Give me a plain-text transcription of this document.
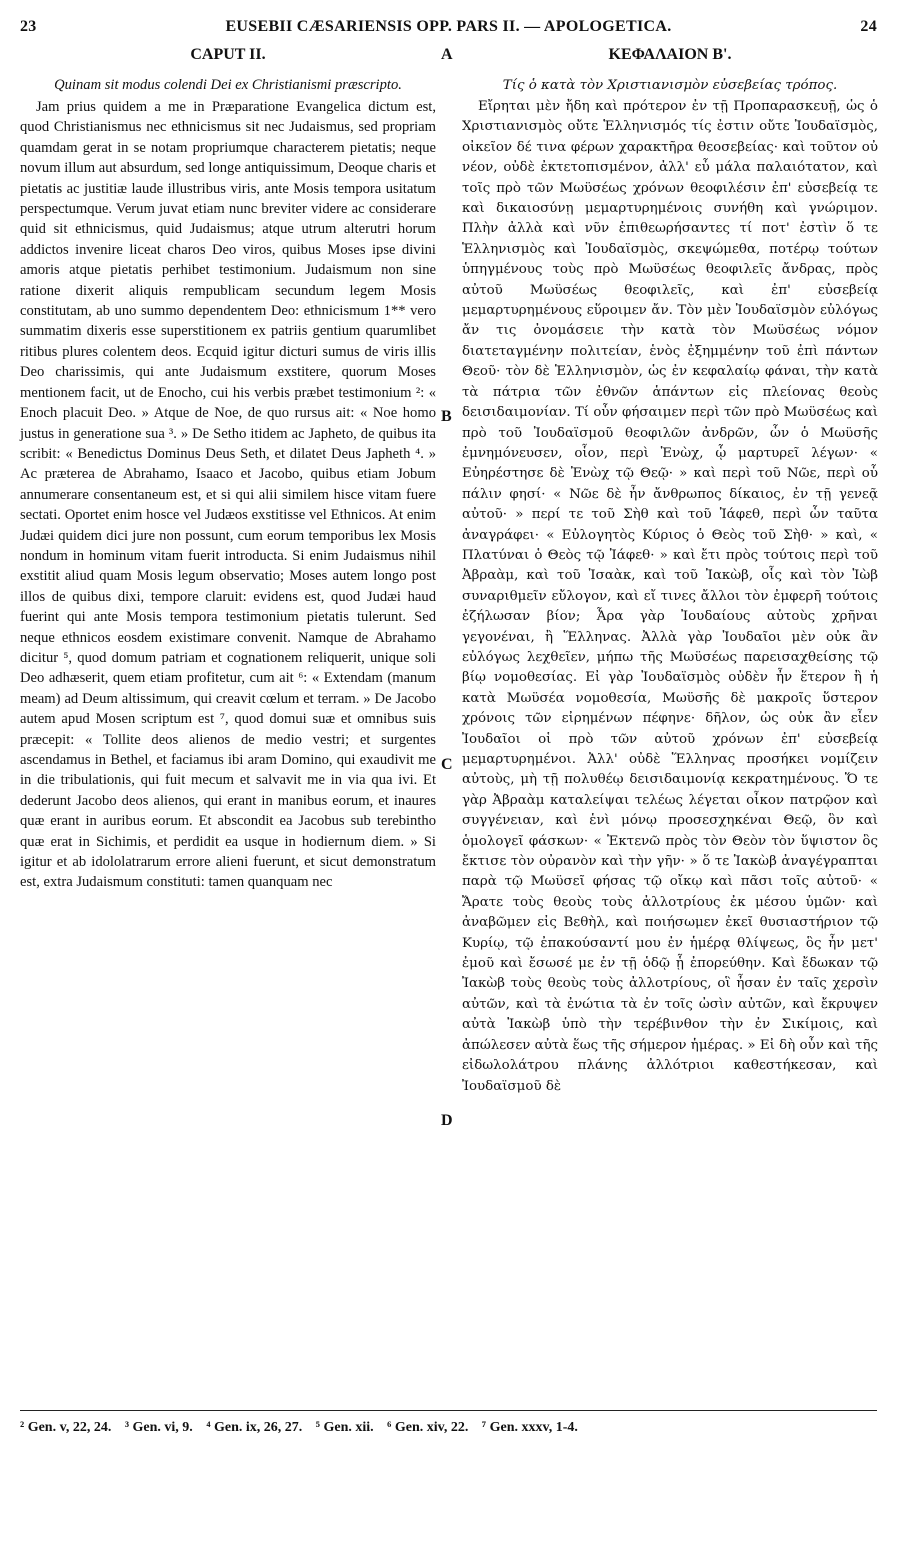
23	EUSEBII CÆSARIENSIS OPP. PARS II. — APOLOGETICA.	24
CAPUT II.	ΚΕΦΑΛΑΙΟΝ Β'.
A
B
C
D

Quinam sit modus colendi Dei ex Christianismi præscripto.

Jam prius quidem a me in Præparatione Evangelica dictum est, quod Christianismus nec ethnicismus sit nec Judaismus, sed propriam quamdam gerat in se notam propriumque characterem pietatis; neque novum illum aut absurdum, sed longe antiquissimum, Deoque charis et pietatis ac justitiæ laude illustribus viris, ante Mosis tempora usitatum perspectumque. Verum juvat etiam nunc breviter videre ac considerare quid sit ethnicismus, quid Judaismus; atque utrum alterutri horum addictos invenire liceat charos Deo viros, quibus Moses ipse divini amoris atque pietatis perhibet testimonium. Judaismum non sine ratione dixerit aliquis rempublicam secundum legem Mosis constitutam, ab uno summo dependentem Deo: ethnicismum 1** vero summatim dixeris esse superstitionem ex patriis gentium quarumlibet ritibus plures colentem deos. Ecquid igitur dicturi sumus de viris illis Deo charissimis, qui ante Judaismum exstitere, quorum Moses mentionem facit, ut de Enocho, cui his verbis præbet testimonium ²: « Enoch placuit Deo. » Atque de Noe, de quo rursus ait: « Noe homo justus in generatione sua ³. » De Setho itidem ac Japheto, de quibus ita scribit: « Benedictus Dominus Deus Seth, et dilatet Deus Japheth ⁴. » Ac præterea de Abrahamo, Isaaco et Jacobo, quibus etiam Jobum annumerare consentaneum est, et si qui alii similem hisce vitam fuere sectati. Oportet enim hosce vel Judæos exstitisse vel Ethnicos. At enim Judæi quidem dici jure non possunt, cum eorum temporibus lex Mosis nondum in hominum vitam fuerit introducta. Si enim Judaismus nihil exstitit aliud quam Mosis legum observatio; Moses autem longo post illos de quibus dixi, tempore claruit: evidens est, quod Judæi haud fuerint qui ante Mosis tempora testimonium pietatis tulerunt. Sed neque ethnicos eosdem existimare convenit. Namque de Abrahamo dicitur ⁵, quod domum patriam et cognationem reliquerit, unique soli Deo adhæserit, quem etiam profitetur, cum ait ⁶: « Extendam (manum meam) ad Deum altissimum, qui creavit cœlum et terram. » De Jacobo autem apud Mosen scriptum est ⁷, quod domui suæ et omnibus suis præcepit: « Tollite deos alienos de medio vestri; et surgentes ascendamus in Bethel, et faciamus ibi aram Domino, qui exaudivit me in die tribulationis, qui fuit mecum et salvavit me in via qua ivi. Et dederunt Jacobo deos alienos, qui erant in manibus eorum, et inaures quæ erant in auribus eorum. Et abscondit ea Jacobus sub terebintho quæ erat in Sichimis, et perdidit ea usque in hodiernum diem. » Si igitur et ab idololatrarum errore alieni fuerunt, et sicut demonstratum est, extra Judaismum constituti: tamen quanquam nec

Τίς ὁ κατὰ τὸν Χριστιανισμὸν εὐσεβείας τρόπος.

Εἴρηται μὲν ἤδη καὶ πρότερον ἐν τῇ Προπαρασκευῇ, ὡς ὁ Χριστιανισμὸς οὔτε Ἑλληνισμός τίς ἐστιν οὔτε Ἰουδαϊσμὸς, οἰκεῖον δέ τινα φέρων χαρακτῆρα θεοσεβείας· καὶ τοῦτον οὐ νέον, οὐδὲ ἐκτετοπισμένον, ἀλλ' εὖ μάλα παλαιότατον, καὶ τοῖς πρὸ τῶν Μωϋσέως χρόνων θεοφιλέσιν ἐπ' εὐσεβείᾳ τε καὶ δικαιοσύνῃ μεμαρτυρημένοις συνήθη καὶ γνώριμον. Πλὴν ἀλλὰ καὶ νῦν ἐπιθεωρήσαντες τί ποτ' ἐστὶν ὅ τε Ἑλληνισμὸς καὶ Ἰουδαϊσμὸς, σκεψώμεθα, ποτέρῳ τούτων ὑπηγμένους τοὺς πρὸ Μωϋσέως θεοφιλεῖς ἄνδρας, πρὸς αὐτοῦ Μωϋσέως θεοφιλεῖς, καὶ ἐπ' εὐσεβείᾳ μεμαρτυρημένους εὕροιμεν ἄν. Τὸν μὲν Ἰουδαϊσμὸν εὐλόγως ἄν τις ὀνομάσειε τὴν κατὰ τὸν Μωϋσέως νόμον διατεταγμένην πολιτείαν, ἑνὸς ἐξημμένην τοῦ ἐπὶ πάντων Θεοῦ· τὸν δὲ Ἑλληνισμὸν, ὡς ἐν κεφαλαίῳ φάναι, τὴν κατὰ τὰ πάτρια τῶν ἐθνῶν ἁπάντων εἰς πλείονας θεοὺς δεισιδαιμονίαν. Τί οὖν φήσαιμεν περὶ τῶν πρὸ Μωϋσέως καὶ πρὸ τοῦ Ἰουδαϊσμοῦ θεοφιλῶν ἀνδρῶν, ὧν ὁ Μωϋσῆς ἐμνημόνευσεν, οἷον, περὶ Ἐνὼχ, ᾧ μαρτυρεῖ λέγων· « Εὐηρέστησε δὲ Ἐνὼχ τῷ Θεῷ· » καὶ περὶ τοῦ Νῶε, περὶ οὗ πάλιν φησί· « Νῶε δὲ ἦν ἄνθρωπος δίκαιος, ἐν τῇ γενεᾷ αὐτοῦ· » περί τε τοῦ Σὴθ καὶ τοῦ Ἰάφεθ, περὶ ὧν ταῦτα ἀναγράφει· « Εὐλογητὸς Κύριος ὁ Θεὸς τοῦ Σὴθ· » καὶ, « Πλατύναι ὁ Θεὸς τῷ Ἰάφεθ· » καὶ ἔτι πρὸς τούτοις περὶ τοῦ Ἀβραὰμ, καὶ τοῦ Ἰσαὰκ, καὶ τοῦ Ἰακὼβ, οἷς καὶ τὸν Ἰὼβ συναριθμεῖν εὔλογον, καὶ εἴ τινες ἄλλοι τὸν ἐμφερῆ τούτοις ἐζήλωσαν βίον; Ἆρα γὰρ Ἰουδαίους αὐτοὺς χρῆναι γεγονέναι, ἢ Ἕλληνας. Ἀλλὰ γὰρ Ἰουδαῖοι μὲν οὐκ ἂν εὐλόγως λεχθεῖεν, μήπω τῆς Μωϋσέως παρεισαχθείσης τῷ βίῳ νομοθεσίας. Εἰ γὰρ Ἰουδαϊσμὸς οὐδὲν ἦν ἕτερον ἢ ἡ κατὰ Μωϋσέα νομοθεσία, Μωϋσῆς δὲ μακροῖς ὕστερον χρόνοις τῶν εἰρημένων πέφηνε· δῆλον, ὡς οὐκ ἂν εἶεν Ἰουδαῖοι οἱ πρὸ τῶν αὐτοῦ χρόνων ἐπ' εὐσεβείᾳ μεμαρτυρημένοι. Ἀλλ' οὐδὲ Ἕλληνας προσήκει νομίζειν αὐτοὺς, μὴ τῇ πολυθέῳ δεισιδαιμονίᾳ κεκρατημένους. Ὅ τε γὰρ Ἀβραὰμ καταλείψαι τελέως λέγεται οἶκον πατρῷον καὶ συγγένειαν, καὶ ἑνὶ μόνῳ προσεσχηκέναι Θεῷ, ὃν καὶ ὁμολογεῖ φάσκων· « Ἐκτενῶ πρὸς τὸν Θεὸν τὸν ὕψιστον ὃς ἔκτισε τὸν οὐρανὸν καὶ τὴν γῆν· » ὅ τε Ἰακὼβ ἀναγέγραπται παρὰ τῷ Μωϋσεῖ φήσας τῷ οἴκῳ καὶ πᾶσι τοῖς αὐτοῦ· « Ἄρατε τοὺς θεοὺς τοὺς ἀλλοτρίους ἐκ μέσου ὑμῶν· καὶ ἀναβῶμεν εἰς Βεθὴλ, καὶ ποιήσωμεν ἐκεῖ θυσιαστήριον τῷ Κυρίῳ, τῷ ἐπακούσαντί μου ἐν ἡμέρᾳ θλίψεως, ὃς ἦν μετ' ἐμοῦ καὶ ἔσωσέ με ἐν τῇ ὁδῷ ᾗ ἐπορεύθην. Καὶ ἔδωκαν τῷ Ἰακὼβ τοὺς θεοὺς τοὺς ἀλλοτρίους, οἳ ἦσαν ἐν ταῖς χερσὶν αὐτῶν, καὶ τὰ ἐνώτια τὰ ἐν τοῖς ὠσὶν αὐτῶν, καὶ ἔκρυψεν αὐτὰ Ἰακὼβ ὑπὸ τὴν τερέβινθον τὴν ἐν Σικίμοις, καὶ ἀπώλεσεν αὐτὰ ἕως τῆς σήμερον ἡμέρας. » Εἰ δὴ οὖν καὶ τῆς εἰδωλολάτρου πλάνης ἀλλότριοι καθεστήκεσαν, καὶ Ἰουδαϊσμοῦ δὲ

² Gen. v, 22, 24. ³ Gen. vi, 9. ⁴ Gen. ix, 26, 27. ⁵ Gen. xii. ⁶ Gen. xiv, 22. ⁷ Gen. xxxv, 1-4.
